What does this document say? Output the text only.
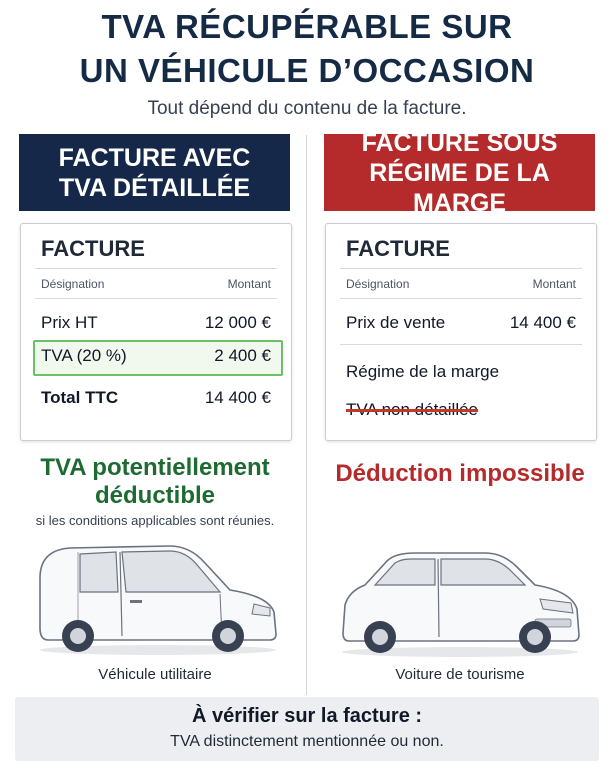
TVA RÉCUPÉRABLE SUR
UN VÉHICULE D’OCCASION
Tout dépend du contenu de la facture.
FACTURE AVEC
TVA DÉTAILLÉE
FACTURE SOUS
RÉGIME DE LA MARGE
FACTURE
Désignation	Montant
Prix HT	12 000 €
TVA (20 %)	2 400 €
Total TTC	14 400 €
FACTURE
Désignation	Montant
Prix de vente	14 400 €
Régime de la marge
TVA non détaillée
TVA potentiellement
déductible
si les conditions applicables sont réunies.
Déduction impossible
Véhicule utilitaire	Voiture de tourisme
À vérifier sur la facture :
TVA distinctement mentionnée ou non.
